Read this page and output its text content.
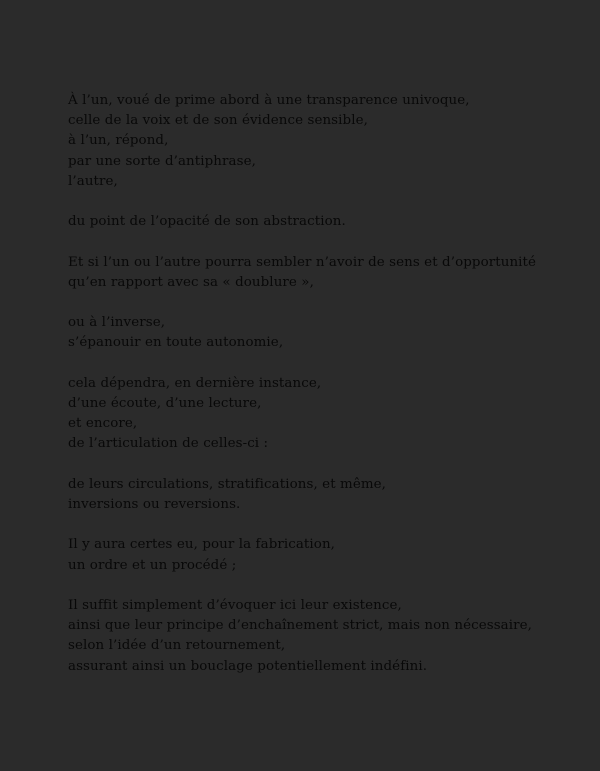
À l’un, voué de prime abord à une transparence univoque,
celle de la voix et de son évidence sensible,
à l’un, répond,
par une sorte d’antiphrase,
l’autre,
du point de l’opacité de son abstraction.
Et si l’un ou l’autre pourra sembler n’avoir de sens et d’opportunité
qu’en rapport avec sa « doublure »,
ou à l’inverse,
s’épanouir en toute autonomie,
cela dépendra, en dernière instance,
d’une écoute, d’une lecture,
et encore,
de l’articulation de celles-ci :
de leurs circulations, stratifications, et même,
inversions ou reversions.
Il y aura certes eu, pour la fabrication,
un ordre et un procédé ;
Il suffit simplement d’évoquer ici leur existence,
ainsi que leur principe d’enchaînement strict, mais non nécessaire,
selon l’idée d’un retournement,
assurant ainsi un bouclage potentiellement indéfini.
